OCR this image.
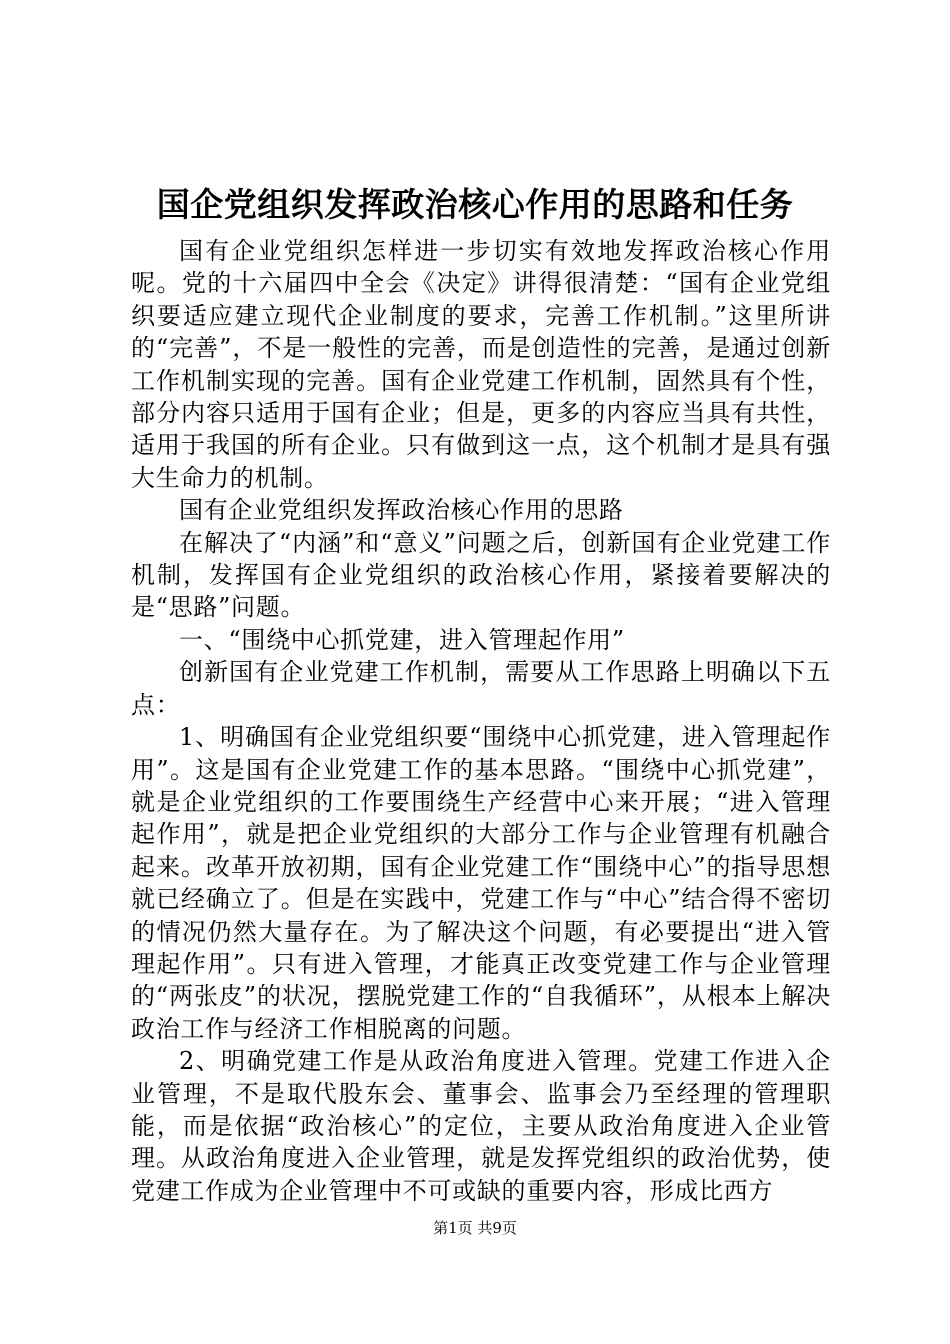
国企党组织发挥政治核心作用的思路和任务

国有企业党组织怎样进一步切实有效地发挥政治核心作用呢。党的十六届四中全会《决定》讲得很清楚：“国有企业党组织要适应建立现代企业制度的要求，完善工作机制。”这里所讲的“完善”，不是一般性的完善，而是创造性的完善，是通过创新工作机制实现的完善。国有企业党建工作机制，固然具有个性，部分内容只适用于国有企业；但是，更多的内容应当具有共性，适用于我国的所有企业。只有做到这一点，这个机制才是具有强大生命力的机制。

国有企业党组织发挥政治核心作用的思路

在解决了“内涵”和“意义”问题之后，创新国有企业党建工作机制，发挥国有企业党组织的政治核心作用，紧接着要解决的是“思路”问题。

一、“围绕中心抓党建，进入管理起作用”

创新国有企业党建工作机制，需要从工作思路上明确以下五点：

1、明确国有企业党组织要“围绕中心抓党建，进入管理起作用”。这是国有企业党建工作的基本思路。“围绕中心抓党建”，就是企业党组织的工作要围绕生产经营中心来开展；“进入管理起作用”，就是把企业党组织的大部分工作与企业管理有机融合起来。改革开放初期，国有企业党建工作“围绕中心”的指导思想就已经确立了。但是在实践中，党建工作与“中心”结合得不密切的情况仍然大量存在。为了解决这个问题，有必要提出“进入管理起作用”。只有进入管理，才能真正改变党建工作与企业管理的“两张皮”的状况，摆脱党建工作的“自我循环”，从根本上解决政治工作与经济工作相脱离的问题。

2、明确党建工作是从政治角度进入管理。党建工作进入企业管理，不是取代股东会、董事会、监事会乃至经理的管理职能，而是依据“政治核心”的定位，主要从政治角度进入企业管理。从政治角度进入企业管理，就是发挥党组织的政治优势，使党建工作成为企业管理中不可或缺的重要内容，形成比西方

第1页 共9页
